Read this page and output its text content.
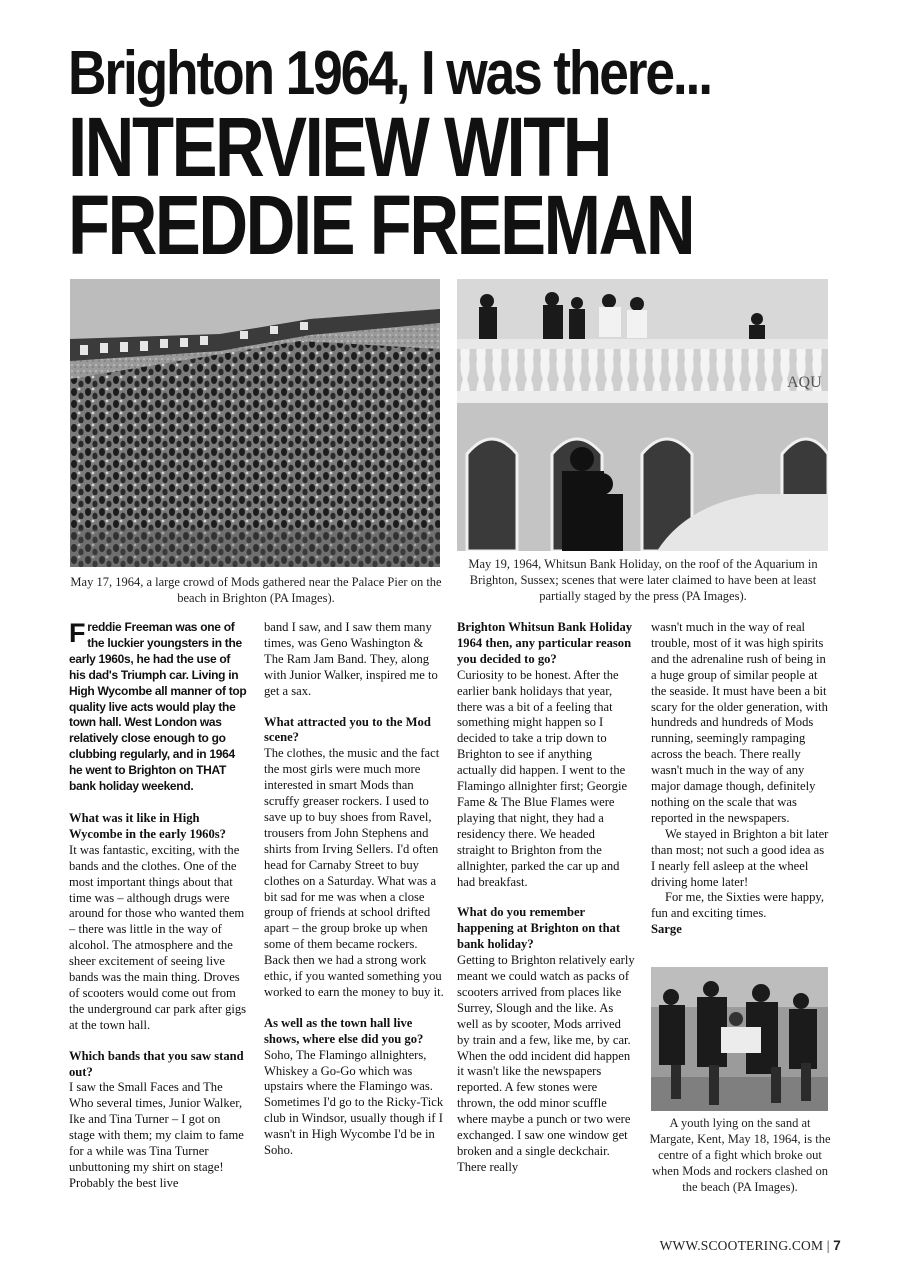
Brighton 1964, I was there...
INTERVIEW WITH
FREDDIE FREEMAN
May 17, 1964, a large crowd of Mods gathered near the Palace Pier on the beach in Brighton (PA Images).
AQU
May 19, 1964, Whitsun Bank Holiday, on the roof of the Aquarium in Brighton, Sussex; scenes that were later claimed to have been at least partially staged by the press (PA Images).

Freddie Freeman was one of the luckier youngsters in the early 1960s, he had the use of his dad's Triumph car. Living in High Wycombe all manner of top quality live acts would play the town hall. West London was relatively close enough to go clubbing regularly, and in 1964 he went to Brighton on THAT bank holiday weekend.

What was it like in High Wycombe in the early 1960s?

It was fantastic, exciting, with the bands and the clothes. One of the most important things about that time was – although drugs were around for those who wanted them – there was little in the way of alcohol. The atmosphere and the sheer excitement of seeing live bands was the main thing. Droves of scooters would come out from the underground car park after gigs at the town hall.

Which bands that you saw stand out?

I saw the Small Faces and The Who several times, Junior Walker, Ike and Tina Turner – I got on stage with them; my claim to fame for a while was Tina Turner unbuttoning my shirt on stage! Probably the best live

band I saw, and I saw them many times, was Geno Washington & The Ram Jam Band. They, along with Junior Walker, inspired me to get a sax.

What attracted you to the Mod scene?

The clothes, the music and the fact the most girls were much more interested in smart Mods than scruffy greaser rockers. I used to save up to buy shoes from Ravel, trousers from John Stephens and shirts from Irving Sellers. I'd often head for Carnaby Street to buy clothes on a Saturday. What was a bit sad for me was when a close group of friends at school drifted apart – the group broke up when some of them became rockers. Back then we had a strong work ethic, if you wanted something you worked to earn the money to buy it.

As well as the town hall live shows, where else did you go?

Soho, The Flamingo allnighters, Whiskey a Go-Go which was upstairs where the Flamingo was. Sometimes I'd go to the Ricky-Tick club in Windsor, usually though if I wasn't in High Wycombe I'd be in Soho.

Brighton Whitsun Bank Holiday 1964 then, any particular reason you decided to go?

Curiosity to be honest. After the earlier bank holidays that year, there was a bit of a feeling that something might happen so I decided to take a trip down to Brighton to see if anything actually did happen. I went to the Flamingo allnighter first; Georgie Fame & The Blue Flames were playing that night, they had a residency there. We headed straight to Brighton from the allnighter, parked the car up and had breakfast.

What do you remember happening at Brighton on that bank holiday?

Getting to Brighton relatively early meant we could watch as packs of scooters arrived from places like Surrey, Slough and the like. As well as by scooter, Mods arrived by train and a few, like me, by car. When the odd incident did happen it wasn't like the newspapers reported. A few stones were thrown, the odd minor scuffle where maybe a punch or two were exchanged. I saw one window get broken and a single deckchair. There really

wasn't much in the way of real trouble, most of it was high spirits and the adrenaline rush of being in a huge group of similar people at the seaside. It must have been a bit scary for the older generation, with hundreds and hundreds of Mods running, seemingly rampaging across the beach. There really wasn't much in the way of any major damage though, definitely nothing on the scale that was reported in the newspapers.

We stayed in Brighton a bit later than most; not such a good idea as I nearly fell asleep at the wheel driving home later!

For me, the Sixties were happy, fun and exciting times.

Sarge

A youth lying on the sand at Margate, Kent, May 18, 1964, is the centre of a fight which broke out when Mods and rockers clashed on the beach (PA Images).
WWW.SCOOTERING.COM | 7
